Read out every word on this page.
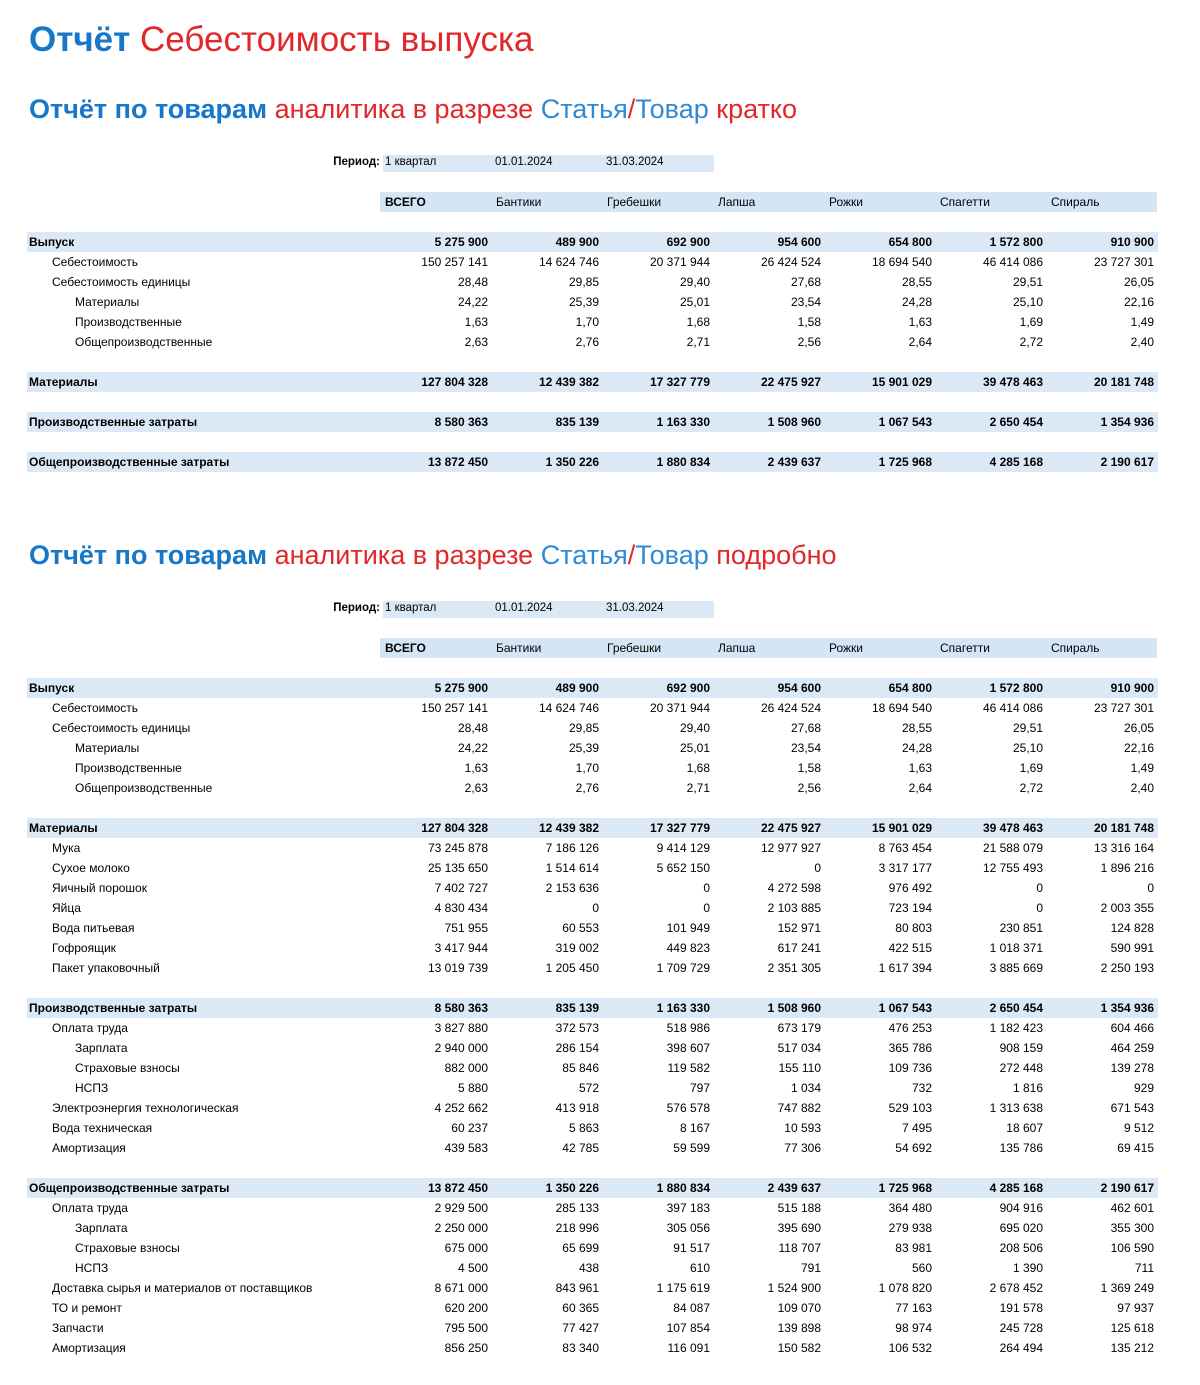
Отчёт Себестоимость выпуска
Отчёт по товарам аналитика в разрезе Статья/Товар кратко
Период: 1 квартал	01.01.2024	31.03.2024
ВСЕГО	Бантики	Гребешки	Лапша	Рожки	Спагетти	Спираль
Выпуск	5 275 900	489 900	692 900	954 600	654 800	1 572 800	910 900
Себестоимость	150 257 141	14 624 746	20 371 944	26 424 524	18 694 540	46 414 086	23 727 301
Себестоимость единицы	28,48	29,85	29,40	27,68	28,55	29,51	26,05
Материалы	24,22	25,39	25,01	23,54	24,28	25,10	22,16
Производственные	1,63	1,70	1,68	1,58	1,63	1,69	1,49
Общепроизводственные	2,63	2,76	2,71	2,56	2,64	2,72	2,40
Материалы	127 804 328	12 439 382	17 327 779	22 475 927	15 901 029	39 478 463	20 181 748
Производственные затраты	8 580 363	835 139	1 163 330	1 508 960	1 067 543	2 650 454	1 354 936
Общепроизводственные затраты	13 872 450	1 350 226	1 880 834	2 439 637	1 725 968	4 285 168	2 190 617
Отчёт по товарам аналитика в разрезе Статья/Товар подробно
Период: 1 квартал	01.01.2024	31.03.2024
ВСЕГО	Бантики	Гребешки	Лапша	Рожки	Спагетти	Спираль
Выпуск	5 275 900	489 900	692 900	954 600	654 800	1 572 800	910 900
Себестоимость	150 257 141	14 624 746	20 371 944	26 424 524	18 694 540	46 414 086	23 727 301
Себестоимость единицы	28,48	29,85	29,40	27,68	28,55	29,51	26,05
Материалы	24,22	25,39	25,01	23,54	24,28	25,10	22,16
Производственные	1,63	1,70	1,68	1,58	1,63	1,69	1,49
Общепроизводственные	2,63	2,76	2,71	2,56	2,64	2,72	2,40
Материалы	127 804 328	12 439 382	17 327 779	22 475 927	15 901 029	39 478 463	20 181 748
Мука	73 245 878	7 186 126	9 414 129	12 977 927	8 763 454	21 588 079	13 316 164
Сухое молоко	25 135 650	1 514 614	5 652 150	0	3 317 177	12 755 493	1 896 216
Яичный порошок	7 402 727	2 153 636	0	4 272 598	976 492	0	0
Яйца	4 830 434	0	0	2 103 885	723 194	0	2 003 355
Вода питьевая	751 955	60 553	101 949	152 971	80 803	230 851	124 828
Гофроящик	3 417 944	319 002	449 823	617 241	422 515	1 018 371	590 991
Пакет упаковочный	13 019 739	1 205 450	1 709 729	2 351 305	1 617 394	3 885 669	2 250 193
Производственные затраты	8 580 363	835 139	1 163 330	1 508 960	1 067 543	2 650 454	1 354 936
Оплата труда	3 827 880	372 573	518 986	673 179	476 253	1 182 423	604 466
Зарплата	2 940 000	286 154	398 607	517 034	365 786	908 159	464 259
Страховые взносы	882 000	85 846	119 582	155 110	109 736	272 448	139 278
НСПЗ	5 880	572	797	1 034	732	1 816	929
Электроэнергия технологическая	4 252 662	413 918	576 578	747 882	529 103	1 313 638	671 543
Вода техническая	60 237	5 863	8 167	10 593	7 495	18 607	9 512
Амортизация	439 583	42 785	59 599	77 306	54 692	135 786	69 415
Общепроизводственные затраты	13 872 450	1 350 226	1 880 834	2 439 637	1 725 968	4 285 168	2 190 617
Оплата труда	2 929 500	285 133	397 183	515 188	364 480	904 916	462 601
Зарплата	2 250 000	218 996	305 056	395 690	279 938	695 020	355 300
Страховые взносы	675 000	65 699	91 517	118 707	83 981	208 506	106 590
НСПЗ	4 500	438	610	791	560	1 390	711
Доставка сырья и материалов от поставщиков	8 671 000	843 961	1 175 619	1 524 900	1 078 820	2 678 452	1 369 249
ТО и ремонт	620 200	60 365	84 087	109 070	77 163	191 578	97 937
Запчасти	795 500	77 427	107 854	139 898	98 974	245 728	125 618
Амортизация	856 250	83 340	116 091	150 582	106 532	264 494	135 212
